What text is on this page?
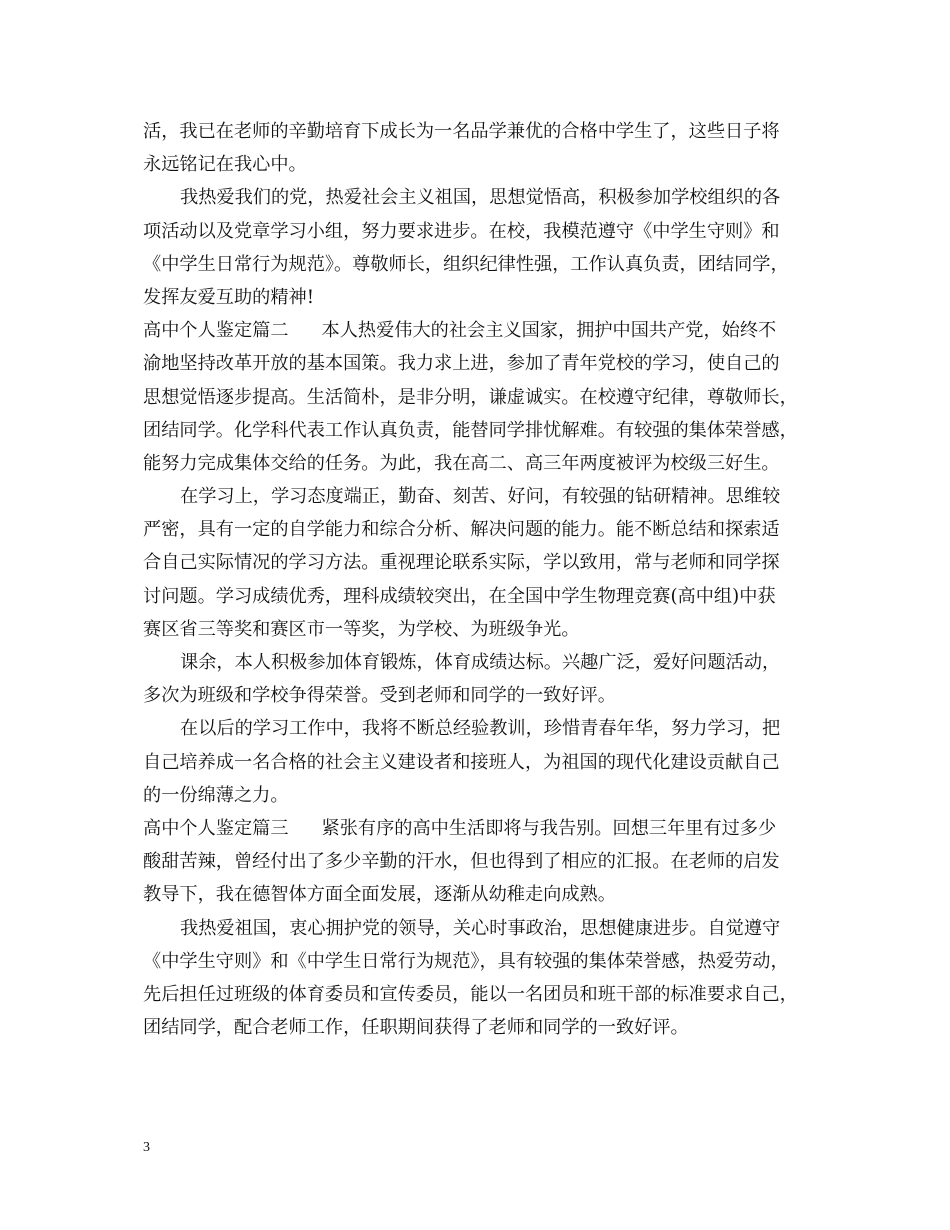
活，我已在老师的辛勤培育下成长为一名品学兼优的合格中学生了，这些日子将
永远铭记在我心中。
我热爱我们的党，热爱社会主义祖国，思想觉悟高，积极参加学校组织的各
项活动以及党章学习小组，努力要求进步。在校，我模范遵守《中学生守则》和
《中学生日常行为规范》。尊敬师长，组织纪律性强，工作认真负责，团结同学，
发挥友爱互助的精神!
高中个人鉴定篇二 本人热爱伟大的社会主义国家，拥护中国共产党，始终不
渝地坚持改革开放的基本国策。我力求上进，参加了青年党校的学习，使自己的
思想觉悟逐步提高。生活简朴，是非分明，谦虚诚实。在校遵守纪律，尊敬师长，
团结同学。化学科代表工作认真负责，能替同学排忧解难。有较强的集体荣誉感，
能努力完成集体交给的任务。为此，我在高二、高三年两度被评为校级三好生。
在学习上，学习态度端正，勤奋、刻苦、好问，有较强的钻研精神。思维较
严密，具有一定的自学能力和综合分析、解决问题的能力。能不断总结和探索适
合自己实际情况的学习方法。重视理论联系实际，学以致用，常与老师和同学探
讨问题。学习成绩优秀，理科成绩较突出，在全国中学生物理竞赛(高中组)中获
赛区省三等奖和赛区市一等奖，为学校、为班级争光。
课余，本人积极参加体育锻炼，体育成绩达标。兴趣广泛，爱好问题活动，
多次为班级和学校争得荣誉。受到老师和同学的一致好评。
在以后的学习工作中，我将不断总经验教训，珍惜青春年华，努力学习，把
自己培养成一名合格的社会主义建设者和接班人，为祖国的现代化建设贡献自己
的一份绵薄之力。
高中个人鉴定篇三 紧张有序的高中生活即将与我告别。回想三年里有过多少
酸甜苦辣，曾经付出了多少辛勤的汗水，但也得到了相应的汇报。在老师的启发
教导下，我在德智体方面全面发展，逐渐从幼稚走向成熟。
我热爱祖国，衷心拥护党的领导，关心时事政治，思想健康进步。自觉遵守
《中学生守则》和《中学生日常行为规范》，具有较强的集体荣誉感，热爱劳动，
先后担任过班级的体育委员和宣传委员，能以一名团员和班干部的标准要求自己，
团结同学，配合老师工作，任职期间获得了老师和同学的一致好评。
3
